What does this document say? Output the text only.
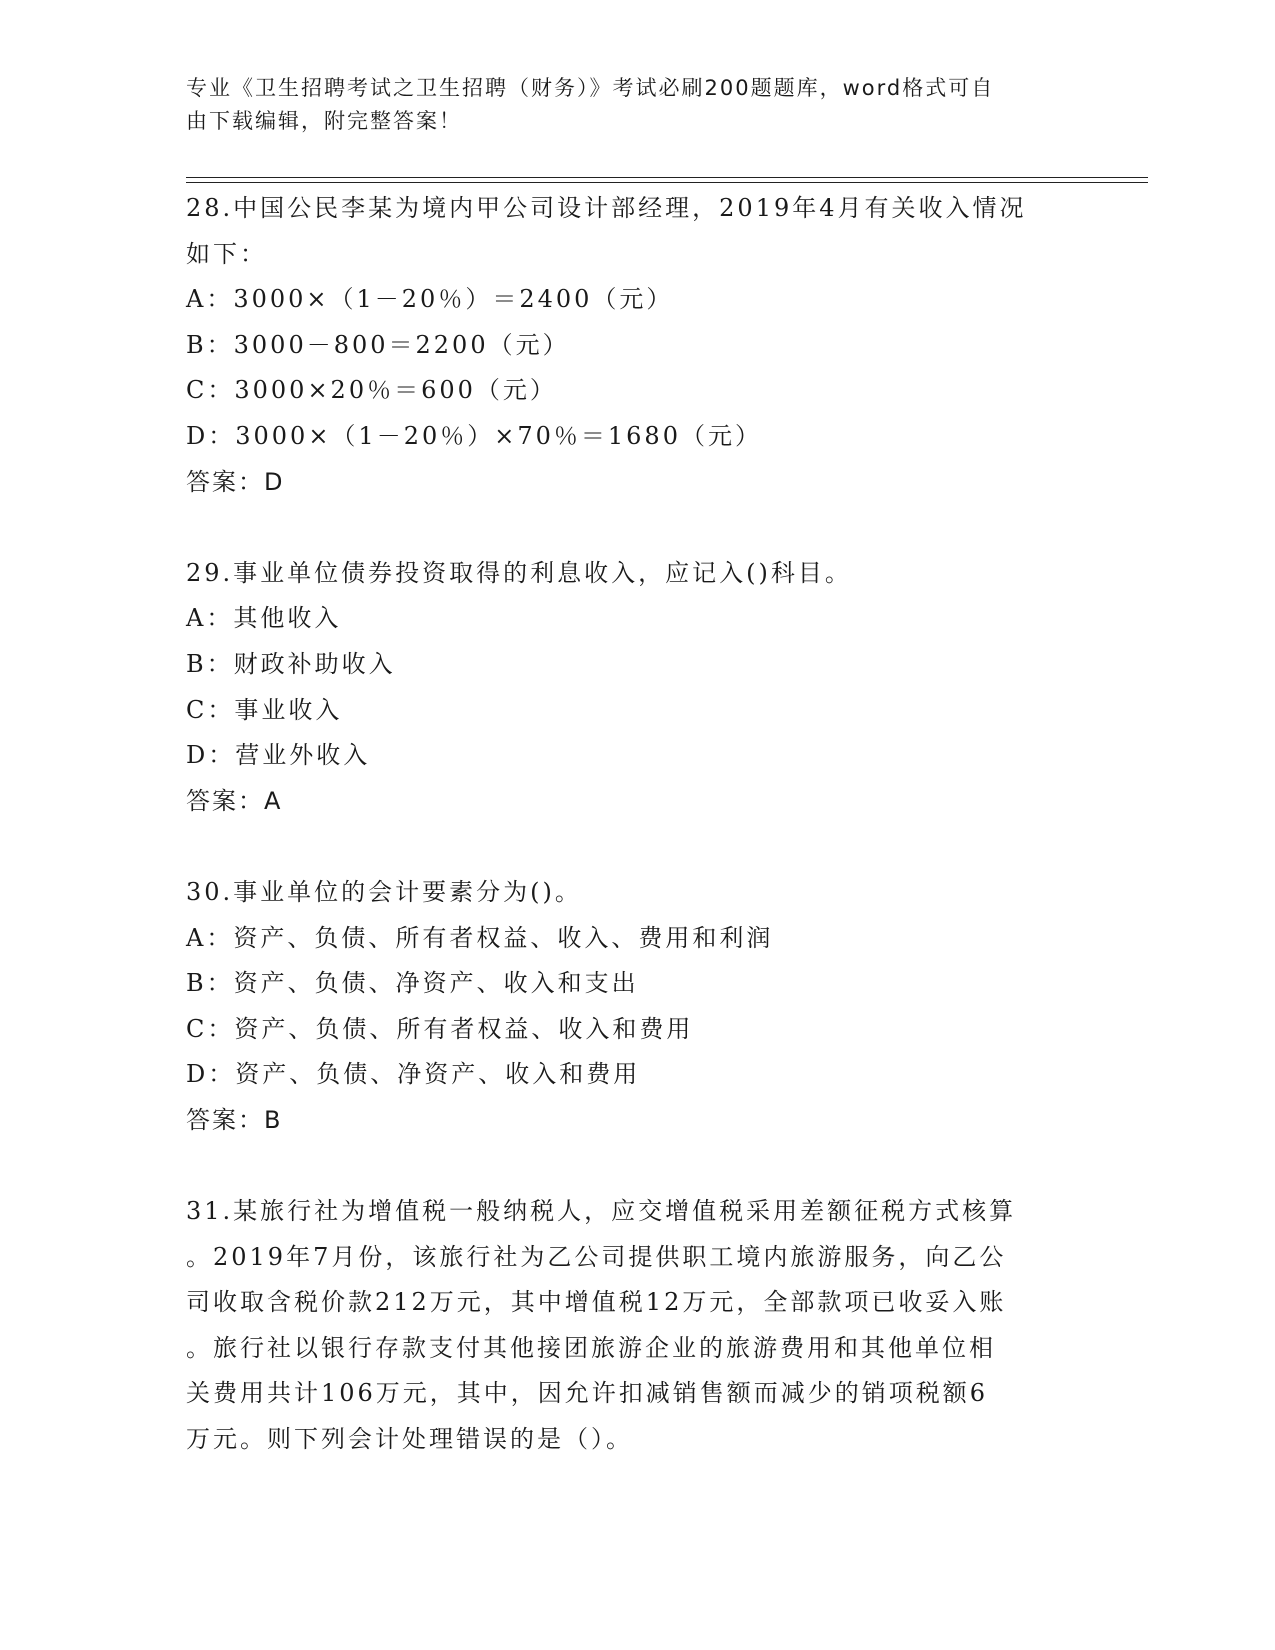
专业《卫生招聘考试之卫生招聘（财务）》考试必刷200题题库，word格式可自
由下载编辑，附完整答案！
28.中国公民李某为境内甲公司设计部经理，2019年4月有关收入情况
如下：
A：3000×（1－20％）＝2400（元）
B：3000－800＝2200（元）
C：3000×20％＝600（元）
D：3000×（1－20％）×70％＝1680（元）
答案：D
29.事业单位债券投资取得的利息收入，应记入()科目。
A：其他收入
B：财政补助收入
C：事业收入
D：营业外收入
答案：A
30.事业单位的会计要素分为()。
A：资产、负债、所有者权益、收入、费用和利润
B：资产、负债、净资产、收入和支出
C：资产、负债、所有者权益、收入和费用
D：资产、负债、净资产、收入和费用
答案：B
31.某旅行社为增值税一般纳税人，应交增值税采用差额征税方式核算
。2019年7月份，该旅行社为乙公司提供职工境内旅游服务，向乙公
司收取含税价款212万元，其中增值税12万元，全部款项已收妥入账
。旅行社以银行存款支付其他接团旅游企业的旅游费用和其他单位相
关费用共计106万元，其中，因允许扣减销售额而减少的销项税额6
万元。则下列会计处理错误的是（）。
